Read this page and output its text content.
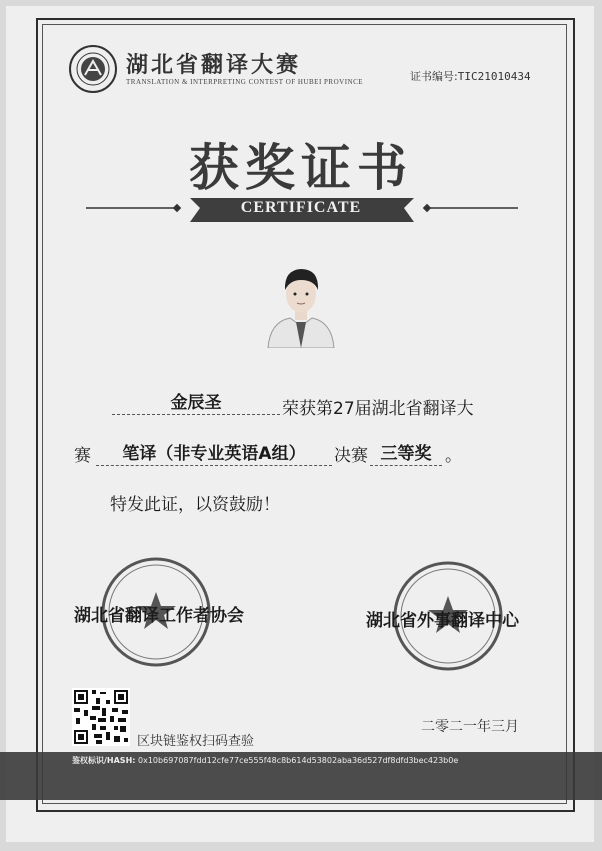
湖北省翻译大赛
TRANSLATION & INTERPRETING CONTEST OF HUBEI PROVINCE	证书编号:TIC21010434
获奖证书
CERTIFICATE
金辰圣	荣获第27届湖北省翻译大
赛	笔译（非专业英语A组）	决赛 三等奖 。
特发此证，以资鼓励！
湖北省翻译工作者协会	湖北省外事翻译中心
区块链鉴权扫码查验
二零二一年三月
鉴权标识/HASH: 0x10b697087fdd12cfe77ce555f48c8b614d53802aba36d527df8dfd3bec423b0e
